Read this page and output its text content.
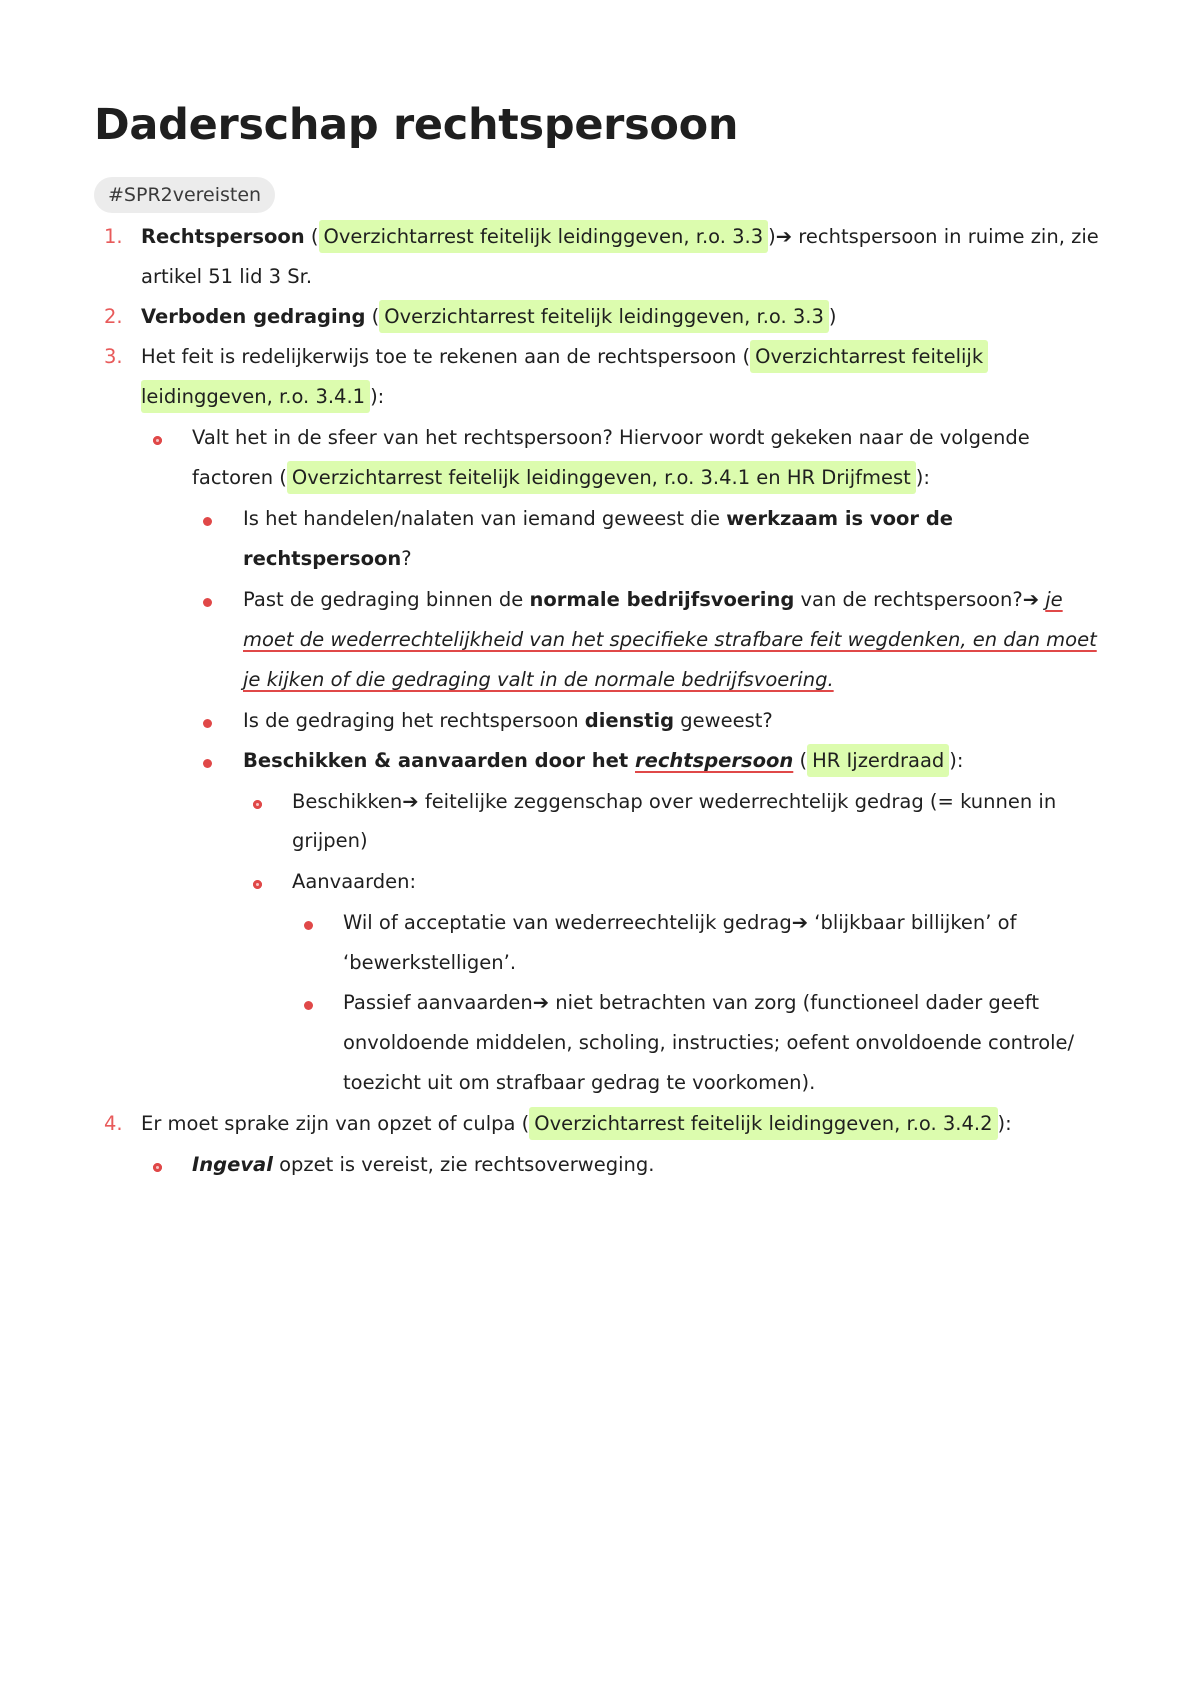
Daderschap rechtspersoon
#SPR2vereisten
1. Rechtspersoon ( Overzichtarrest feitelijk leidinggeven, r.o. 3.3 )➔ rechtspersoon in ruime zin, zie
artikel 51 lid 3 Sr.
2. Verboden gedraging ( Overzichtarrest feitelijk leidinggeven, r.o. 3.3 )
3. Het feit is redelijkerwijs toe te rekenen aan de rechtspersoon ( Overzichtarrest feitelijk
leidinggeven, r.o. 3.4.1 ):
Valt het in de sfeer van het rechtspersoon? Hiervoor wordt gekeken naar de volgende
factoren ( Overzichtarrest feitelijk leidinggeven, r.o. 3.4.1 en HR Drijfmest ):
Is het handelen/nalaten van iemand geweest die werkzaam is voor de
rechtspersoon?
Past de gedraging binnen de normale bedrijfsvoering van de rechtspersoon?➔ je
moet de wederrechtelijkheid van het specifieke strafbare feit wegdenken, en dan moet
je kijken of die gedraging valt in de normale bedrijfsvoering.
Is de gedraging het rechtspersoon dienstig geweest?
Beschikken & aanvaarden door het rechtspersoon ( HR Ijzerdraad ):
Beschikken➔ feitelijke zeggenschap over wederrechtelijk gedrag (= kunnen in
grijpen)
Aanvaarden:
Wil of acceptatie van wederreechtelijk gedrag➔ ‘blijkbaar billijken’ of
‘bewerkstelligen’.
Passief aanvaarden➔ niet betrachten van zorg (functioneel dader geeft
onvoldoende middelen, scholing, instructies; oefent onvoldoende controle/
toezicht uit om strafbaar gedrag te voorkomen).
4. Er moet sprake zijn van opzet of culpa ( Overzichtarrest feitelijk leidinggeven, r.o. 3.4.2 ):
Ingeval opzet is vereist, zie rechtsoverweging.
